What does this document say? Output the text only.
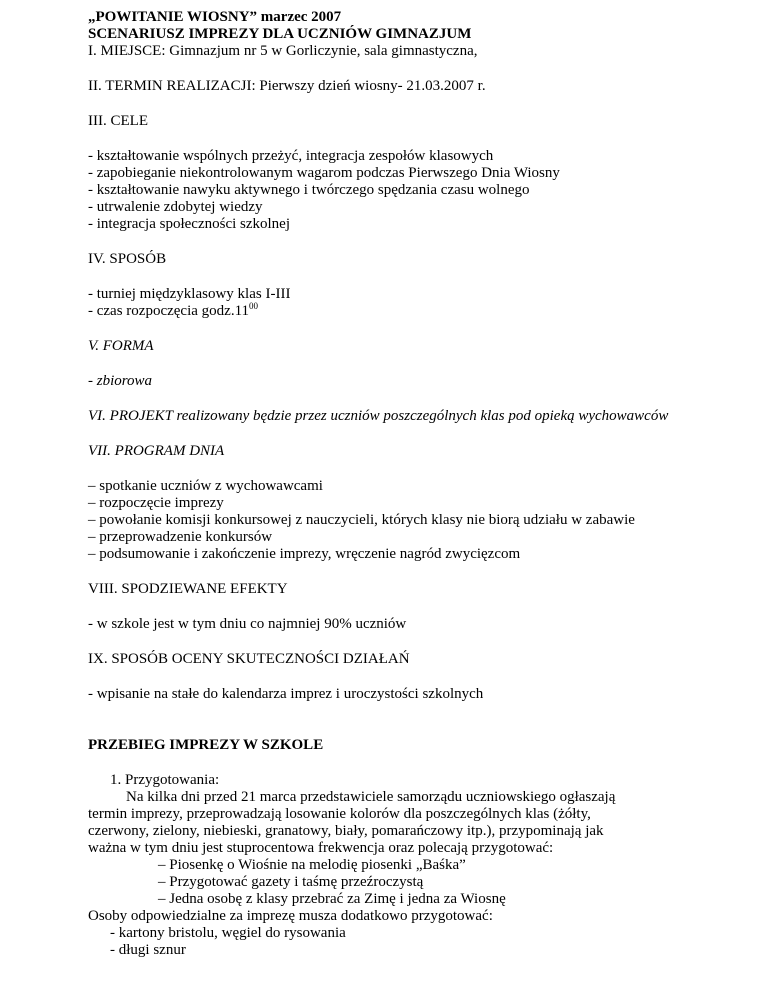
„POWITANIE WIOSNY” marzec 2007
SCENARIUSZ IMPREZY DLA UCZNIÓW GIMNAZJUM
I. MIEJSCE: Gimnazjum nr 5 w Gorliczynie, sala gimnastyczna,
II. TERMIN REALIZACJI: Pierwszy dzień wiosny- 21.03.2007 r.
III. CELE
- kształtowanie wspólnych przeżyć, integracja zespołów klasowych
- zapobieganie niekontrolowanym wagarom podczas Pierwszego Dnia Wiosny
- kształtowanie nawyku aktywnego i twórczego spędzania czasu wolnego
- utrwalenie zdobytej wiedzy
- integracja społeczności szkolnej
IV. SPOSÓB
- turniej międzyklasowy klas I-III
- czas rozpoczęcia $godz.11^{00}$
V. FORMA
- zbiorowa
VI. PROJEKT realizowany będzie przez uczniów poszczególnych klas pod opieką wychowawców
VII. PROGRAM DNIA
– spotkanie uczniów z wychowawcami
– rozpoczęcie imprezy
– powołanie komisji konkursowej z nauczycieli, których klasy nie biorą udziału w zabawie
– przeprowadzenie konkursów
– podsumowanie i zakończenie imprezy, wręczenie nagród zwycięzcom
VIII. SPODZIEWANE EFEKTY
- w szkole jest w tym dniu co najmniej 90% uczniów
IX. SPOSÓB OCENY SKUTECZNOŚCI DZIAŁAŃ
- wpisanie na stałe do kalendarza imprez i uroczystości szkolnych
PRZEBIEG IMPREZY W SZKOLE
1. Przygotowania:
Na kilka dni przed 21 marca przedstawiciele samorządu uczniowskiego ogłaszają
termin imprezy, przeprowadzają losowanie kolorów dla poszczególnych klas (żółty,
czerwony, zielony, niebieski, granatowy, biały, pomarańczowy itp.), przypominają jak
ważna w tym dniu jest stuprocentowa frekwencja oraz polecają przygotować:
– Piosenkę o Wiośnie na melodię piosenki „Baśka”
– Przygotować gazety i taśmę przeźroczystą
– Jedna osobę z klasy przebrać za Zimę i jedna za Wiosnę
Osoby odpowiedzialne za imprezę musza dodatkowo przygotować:
- kartony bristolu, węgiel do rysowania
- długi sznur
